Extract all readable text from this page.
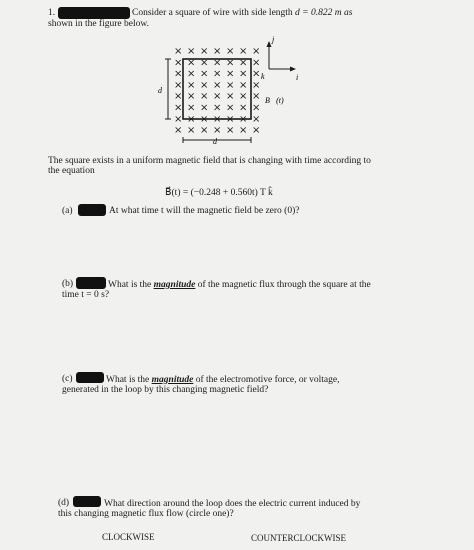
1.	Consider a square of wire with side length d = 0.822 m as
shown in the figure below.
× × × × × × ×
× × × × × × ×
× × × × × × ×
× × × × × × ×
× × × × × × ×
× × × × × × ×
× × × × × × ×
× × × × × × ×
j
i
k
d
d
B⃗(t)
The square exists in a uniform magnetic field that is changing with time according to
the equation
B⃗(t) = (−0.248 + 0.560t) T k̂
(a)	At what time t will the magnetic field be zero (0)?
(b)	What is the magnitude of the magnetic flux through the square at the
time t = 0 s?
(c)	What is the magnitude of the electromotive force, or voltage,
generated in the loop by this changing magnetic field?
(d)	What direction around the loop does the electric current induced by
this changing magnetic flux flow (circle one)?
CLOCKWISE	COUNTERCLOCKWISE
